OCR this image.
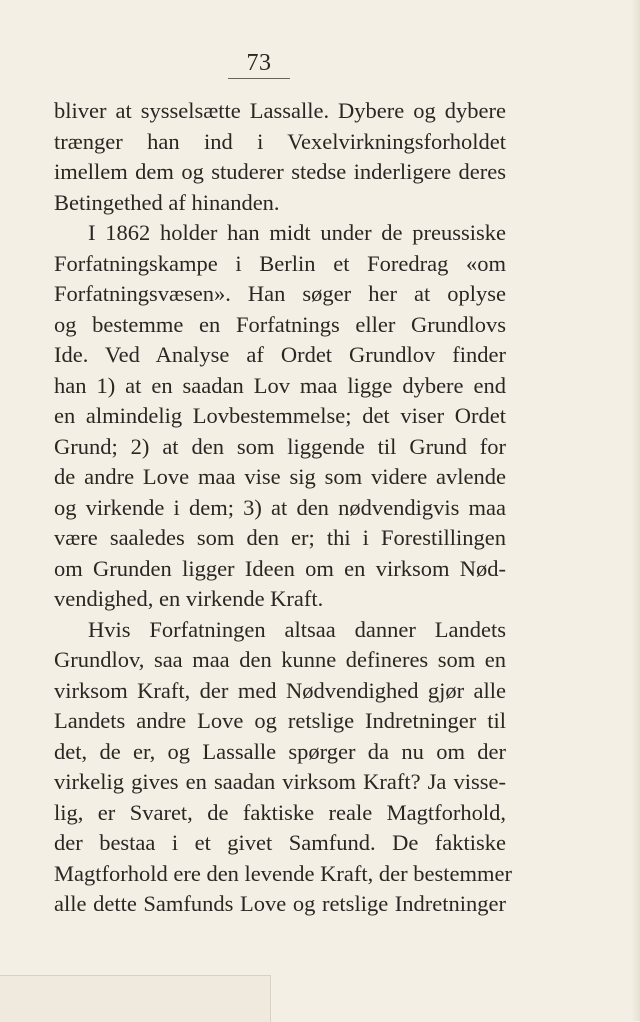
73
bliver at sysselsætte Lassalle. Dybere og dybere
trænger han ind i Vexelvirkningsforholdet
imellem dem og studerer stedse inderligere deres
Betingethed af hinanden.
I 1862 holder han midt under de preussiske
Forfatningskampe i Berlin et Foredrag «om
Forfatningsvæsen». Han søger her at oplyse
og bestemme en Forfatnings eller Grundlovs
Ide. Ved Analyse af Ordet Grundlov finder
han 1) at en saadan Lov maa ligge dybere end
en almindelig Lovbestemmelse; det viser Ordet
Grund; 2) at den som liggende til Grund for
de andre Love maa vise sig som videre avlende
og virkende i dem; 3) at den nødvendigvis maa
være saaledes som den er; thi i Forestillingen
om Grunden ligger Ideen om en virksom Nød-
vendighed, en virkende Kraft.
Hvis Forfatningen altsaa danner Landets
Grundlov, saa maa den kunne defineres som en
virksom Kraft, der med Nødvendighed gjør alle
Landets andre Love og retslige Indretninger til
det, de er, og Lassalle spørger da nu om der
virkelig gives en saadan virksom Kraft? Ja visse-
lig, er Svaret, de faktiske reale Magtforhold,
der bestaa i et givet Samfund. De faktiske
Magtforhold ere den levende Kraft, der bestemmer
alle dette Samfunds Love og retslige Indretninger
